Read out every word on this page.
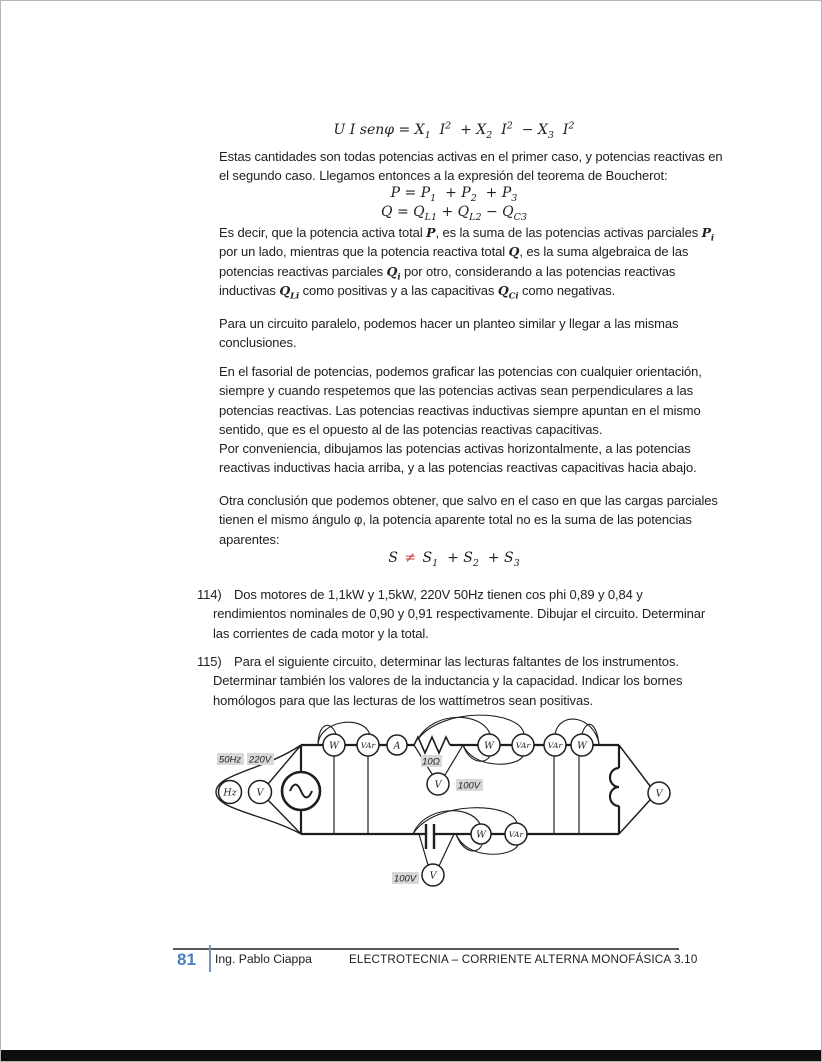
U I $sen\varphi = X_1$  $I^2 + X_2$  $I^2 - X_3$  $I^2$
Estas cantidades son todas potencias activas en el primer caso, y potencias reactivas en
el segundo caso. Llegamos entonces a la expresión del teorema de Boucherot:
$P = P_1 + P_2 + P_3$
$Q = Q_{L1} + Q_{L2} - Q_{C3}$
Es decir, que la potencia activa total P, es la suma de las potencias activas parciales $P_i$
por un lado, mientras que la potencia reactiva total Q, es la suma algebraica de las
potencias reactivas parciales $Q_i$ por otro, considerando a las potencias reactivas
inductivas $Q_{Li}$ como positivas y a las capacitivas $Q_{Ci}$ como negativas.
Para un circuito paralelo, podemos hacer un planteo similar y llegar a las mismas
conclusiones.
En el fasorial de potencias, podemos graficar las potencias con cualquier orientación,
siempre y cuando respetemos que las potencias activas sean perpendiculares a las
potencias reactivas. Las potencias reactivas inductivas siempre apuntan en el mismo
sentido, que es el opuesto al de las potencias reactivas capacitivas.
Por conveniencia, dibujamos las potencias activas horizontalmente, a las potencias
reactivas inductivas hacia arriba, y a las potencias reactivas capacitivas hacia abajo.
Otra conclusión que podemos obtener, que salvo en el caso en que las cargas parciales
tienen el mismo ángulo φ, la potencia aparente total no es la suma de las potencias
aparentes:
$S \ne S_1 + S_2 + S_3$
114) Dos motores de 1,1kW y 1,5kW, 220V 50Hz tienen cos phi 0,89 y 0,84 y
rendimientos nominales de 0,90 y 0,91 respectivamente. Dibujar el circuito. Determinar
las corrientes de cada motor y la total.
115) Para el siguiente circuito, determinar las lecturas faltantes de los instrumentos.
Determinar también los valores de la inductancia y la capacidad. Indicar los bornes
homólogos para que las lecturas de los wattímetros sean positivas.
50Hz 220V	10Ω
100V
100V
Hz V
W	VAr A	W	VAr VAr W
V
V
W	VAr
V
81 Ing. Pablo Ciappa	ELECTROTECNIA – CORRIENTE ALTERNA MONOFÁSICA 3.10
